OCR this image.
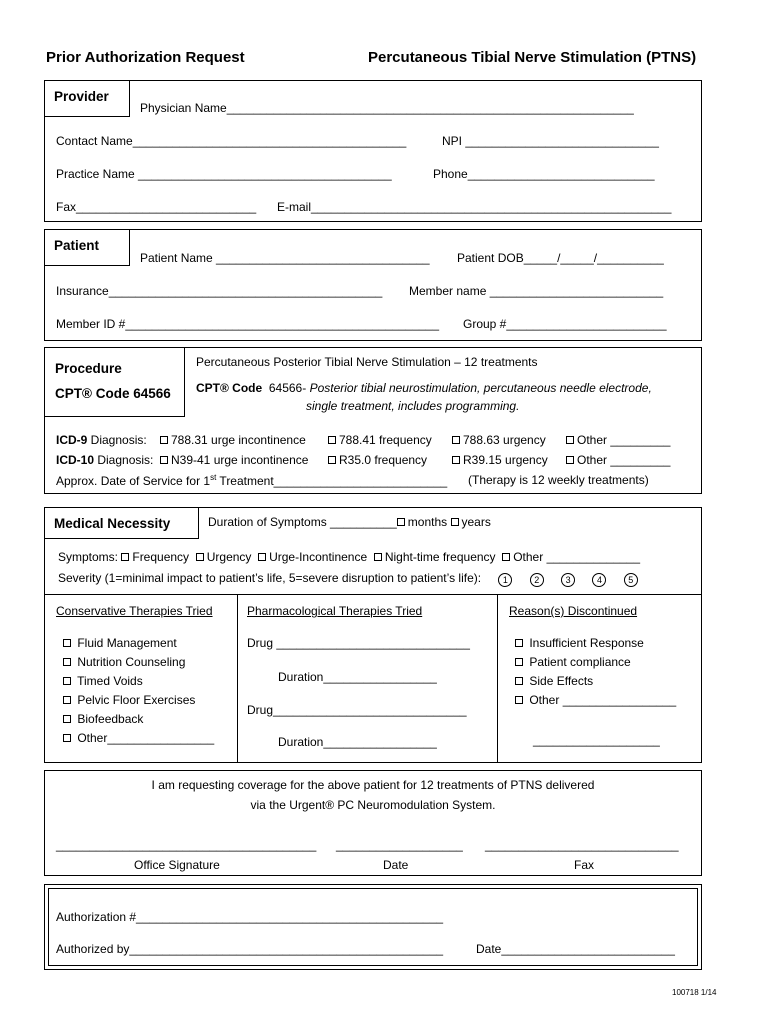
Prior Authorization Request	Percutaneous Tibial Nerve Stimulation (PTNS)
Provider
Physician Name_____________________________________________________________
Contact Name_________________________________________	NPI _____________________________
Practice Name ______________________________________	Phone____________________________
Fax___________________________ E-mail______________________________________________________
Patient
Patient Name ________________________________ Patient DOB_____/_____/__________
Insurance_________________________________________ Member name __________________________
Member ID #_______________________________________________ Group #________________________
Procedure
CPT® Code 64566
Percutaneous Posterior Tibial Nerve Stimulation – 12 treatments
CPT® Code 64566- Posterior tibial neurostimulation, percutaneous needle electrode,
single treatment, includes programming.
ICD-9 Diagnosis:	788.31 urge incontinence	788.41 frequency	788.63 urgency	Other _________
ICD-10 Diagnosis:	N39-41 urge incontinence	R35.0 frequency	R39.15 urgency	Other _________
Approx. Date of Service for 1st Treatment__________________________ (Therapy is 12 weekly treatments)
Medical Necessity	Duration of Symptoms __________ months years
Symptoms: Frequency Urgency Urge-Incontinence Night-time frequency Other ______________
Severity (1=minimal impact to patient’s life, 5=severe disruption to patient’s life): 1	2	3	4	5
Conservative Therapies Tried
Fluid Management
Nutrition Counseling
Timed Voids
Pelvic Floor Exercises
Biofeedback
Other________________
Pharmacological Therapies Tried
Drug _____________________________
Duration_________________
Drug_____________________________
Duration_________________
Reason(s) Discontinued
Insufficient Response
Patient compliance
Side Effects
Other _________________
___________________
I am requesting coverage for the above patient for 12 treatments of PTNS delivered
via the Urgent® PC Neuromodulation System.
_______________________________________ ___________________ _____________________________
Office Signature	Date	Fax
Authorization #______________________________________________
Authorized by_______________________________________________	Date__________________________
100718 1/14
